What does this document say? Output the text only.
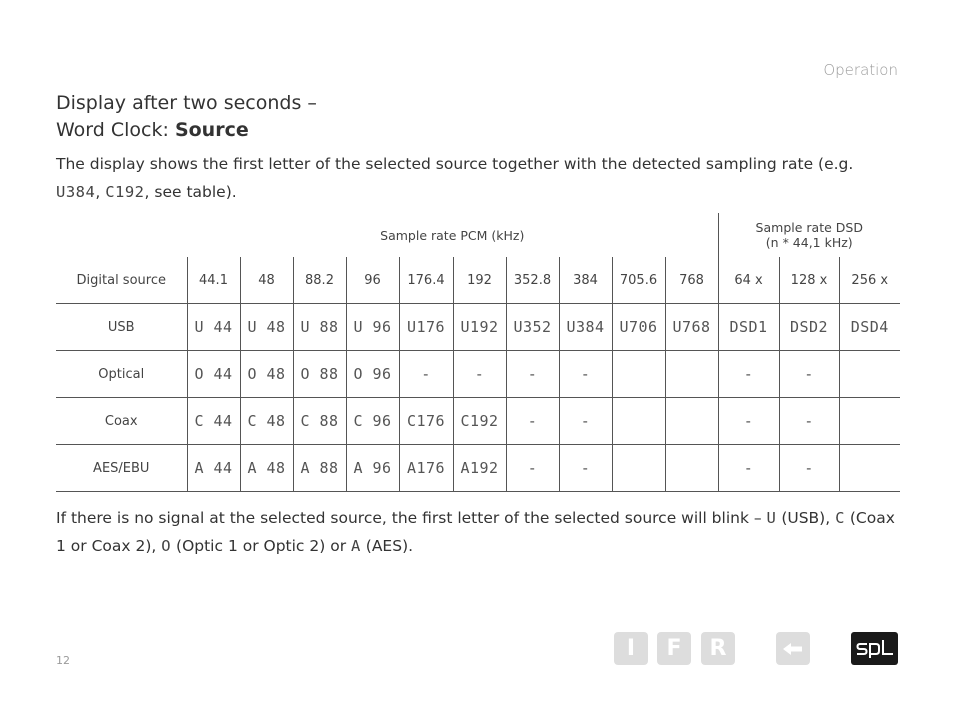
Operation
Display after two seconds –
Word Clock: Source
The display shows the first letter of the selected source together with the detected sampling rate (e.g. U384, C192, see table).
	Sample rate PCM (kHz)										Sample rate DSD
(n * 44,1 kHz)		

Digital source	44.1	48	88.2	96	176.4	192	352.8	384	705.6	768	64 x	128 x	256 x
USB	U 44	U 48	U 88	U 96	U176	U192	U352	U384	U706	U768	DSD1	DSD2	DSD4
Optical	O 44	O 48	O 88	O 96	-	-	-	-			-	-	
Coax	C 44	C 48	C 88	C 96	C176	C192	-	-			-	-	
AES/EBU	A 44	A 48	A 88	A 96	A176	A192	-	-			-	-	
If there is no signal at the selected source, the first letter of the selected source will blink – U (USB), C (Coax 1 or Coax 2), O (Optic 1 or Optic 2) or A (AES).
12	I F R
